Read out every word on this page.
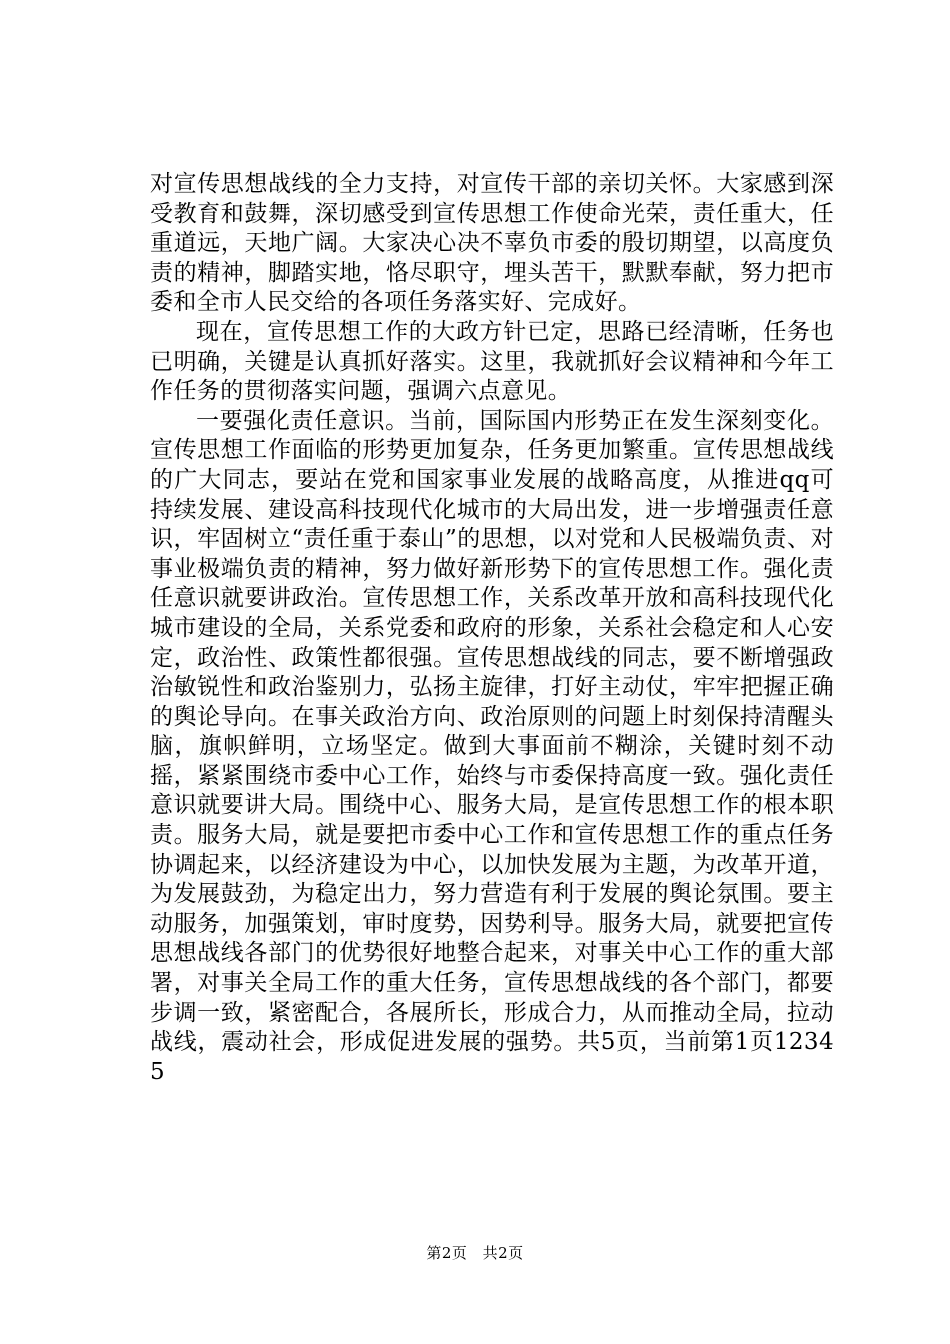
对宣传思想战线的全力支持，对宣传干部的亲切关怀。大家感到深受教育和鼓舞，深切感受到宣传思想工作使命光荣，责任重大，任重道远，天地广阔。大家决心决不辜负市委的殷切期望，以高度负责的精神，脚踏实地，恪尽职守，埋头苦干，默默奉献，努力把市委和全市人民交给的各项任务落实好、完成好。

现在，宣传思想工作的大政方针已定，思路已经清晰，任务也已明确，关键是认真抓好落实。这里，我就抓好会议精神和今年工作任务的贯彻落实问题，强调六点意见。

一要强化责任意识。当前，国际国内形势正在发生深刻变化。宣传思想工作面临的形势更加复杂，任务更加繁重。宣传思想战线的广大同志，要站在党和国家事业发展的战略高度，从推进qq可持续发展、建设高科技现代化城市的大局出发，进一步增强责任意识，牢固树立“责任重于泰山”的思想，以对党和人民极端负责、对事业极端负责的精神，努力做好新形势下的宣传思想工作。强化责任意识就要讲政治。宣传思想工作，关系改革开放和高科技现代化城市建设的全局，关系党委和政府的形象，关系社会稳定和人心安定，政治性、政策性都很强。宣传思想战线的同志，要不断增强政治敏锐性和政治鉴别力，弘扬主旋律，打好主动仗，牢牢把握正确的舆论导向。在事关政治方向、政治原则的问题上时刻保持清醒头脑，旗帜鲜明，立场坚定。做到大事面前不糊涂，关键时刻不动摇，紧紧围绕市委中心工作，始终与市委保持高度一致。强化责任意识就要讲大局。围绕中心、服务大局，是宣传思想工作的根本职责。服务大局，就是要把市委中心工作和宣传思想工作的重点任务协调起来，以经济建设为中心，以加快发展为主题，为改革开道，为发展鼓劲，为稳定出力，努力营造有利于发展的舆论氛围。要主动服务，加强策划，审时度势，因势利导。服务大局，就要把宣传思想战线各部门的优势很好地整合起来，对事关中心工作的重大部署，对事关全局工作的重大任务，宣传思想战线的各个部门，都要步调一致，紧密配合，各展所长，形成合力，从而推动全局，拉动战线，震动社会，形成促进发展的强势。共5页，当前第1页12345

第2页 共2页
